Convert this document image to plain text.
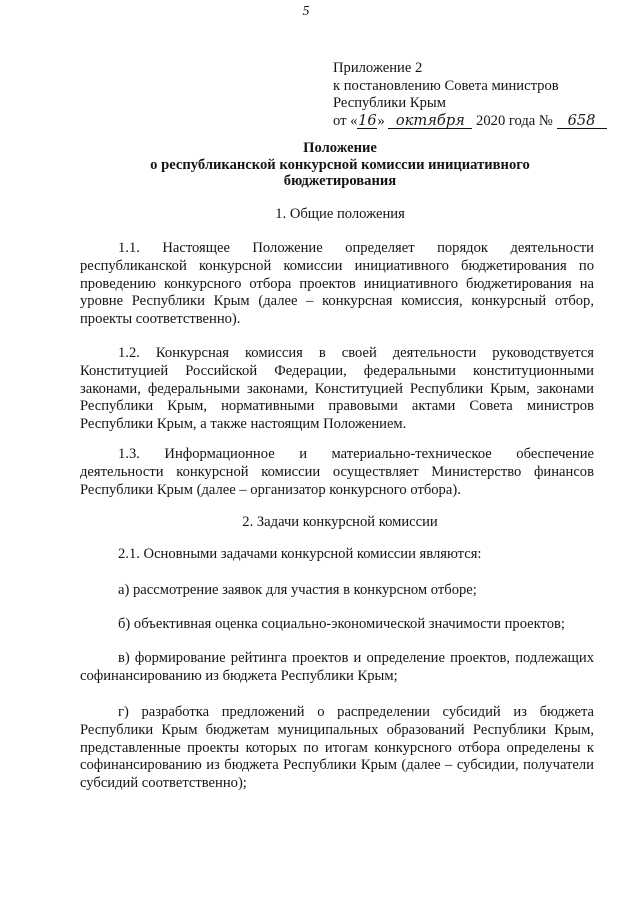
5
Приложение 2
к постановлению Совета министров
Республики Крым
от «16» октября 2020 года № 658
Положение
о республиканской конкурсной комиссии инициативного
бюджетирования
1. Общие положения
1.1. Настоящее Положение определяет порядок деятельности республиканской конкурсной комиссии инициативного бюджетирования по проведению конкурсного отбора проектов инициативного бюджетирования на уровне Республики Крым (далее – конкурсная комиссия, конкурсный отбор, проекты соответственно).
1.2. Конкурсная комиссия в своей деятельности руководствуется Конституцией Российской Федерации, федеральными конституционными законами, федеральными законами, Конституцией Республики Крым, законами Республики Крым, нормативными правовыми актами Совета министров Республики Крым, а также настоящим Положением.
1.3. Информационное и материально-техническое обеспечение деятельности конкурсной комиссии осуществляет Министерство финансов Республики Крым (далее – организатор конкурсного отбора).
2. Задачи конкурсной комиссии
2.1. Основными задачами конкурсной комиссии являются:
а) рассмотрение заявок для участия в конкурсном отборе;
б) объективная оценка социально-экономической значимости проектов;
в) формирование рейтинга проектов и определение проектов, подлежащих софинансированию из бюджета Республики Крым;
г) разработка предложений о распределении субсидий из бюджета Республики Крым бюджетам муниципальных образований Республики Крым, представленные проекты которых по итогам конкурсного отбора определены к софинансированию из бюджета Республики Крым (далее – субсидии, получатели субсидий соответственно);
